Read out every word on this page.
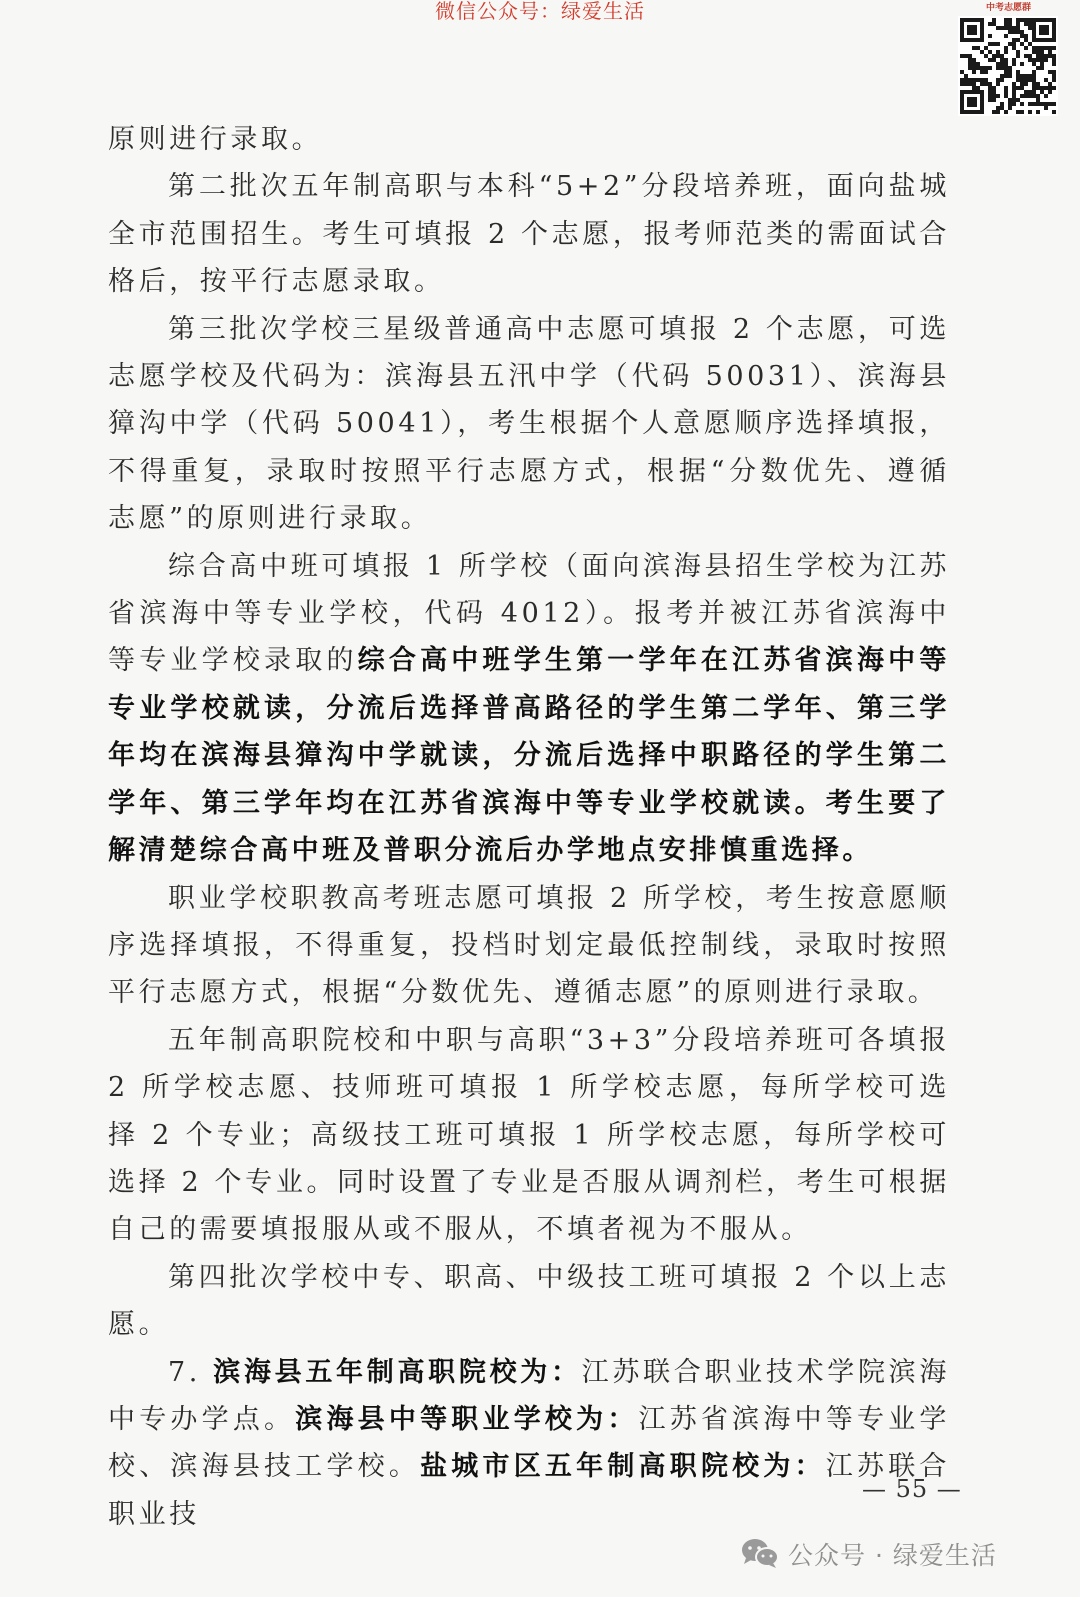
微信公众号：绿爱生活	中考志愿群

原则进行录取。

第二批次五年制高职与本科“5+2”分段培养班，面向盐城全市范围招生。考生可填报 2 个志愿，报考师范类的需面试合格后，按平行志愿录取。

第三批次学校三星级普通高中志愿可填报 2 个志愿，可选志愿学校及代码为：滨海县五汛中学（代码 50031）、滨海县獐沟中学（代码 50041），考生根据个人意愿顺序选择填报，不得重复，录取时按照平行志愿方式，根据“分数优先、遵循志愿”的原则进行录取。

综合高中班可填报 1 所学校（面向滨海县招生学校为江苏省滨海中等专业学校，代码 4012）。报考并被江苏省滨海中等专业学校录取的综合高中班学生第一学年在江苏省滨海中等专业学校就读，分流后选择普高路径的学生第二学年、第三学年均在滨海县獐沟中学就读，分流后选择中职路径的学生第二学年、第三学年均在江苏省滨海中等专业学校就读。考生要了解清楚综合高中班及普职分流后办学地点安排慎重选择。

职业学校职教高考班志愿可填报 2 所学校，考生按意愿顺序选择填报，不得重复，投档时划定最低控制线，录取时按照平行志愿方式，根据“分数优先、遵循志愿”的原则进行录取。

五年制高职院校和中职与高职“3+3”分段培养班可各填报 2 所学校志愿、技师班可填报 1 所学校志愿，每所学校可选择 2 个专业；高级技工班可填报 1 所学校志愿，每所学校可选择 2 个专业。同时设置了专业是否服从调剂栏，考生可根据自己的需要填报服从或不服从，不填者视为不服从。

第四批次学校中专、职高、中级技工班可填报 2 个以上志愿。

7. 滨海县五年制高职院校为：江苏联合职业技术学院滨海中专办学点。滨海县中等职业学校为：江苏省滨海中等专业学校、滨海县技工学校。盐城市区五年制高职院校为：江苏联合职业技

— 55 —
公众号 · 绿爱生活
